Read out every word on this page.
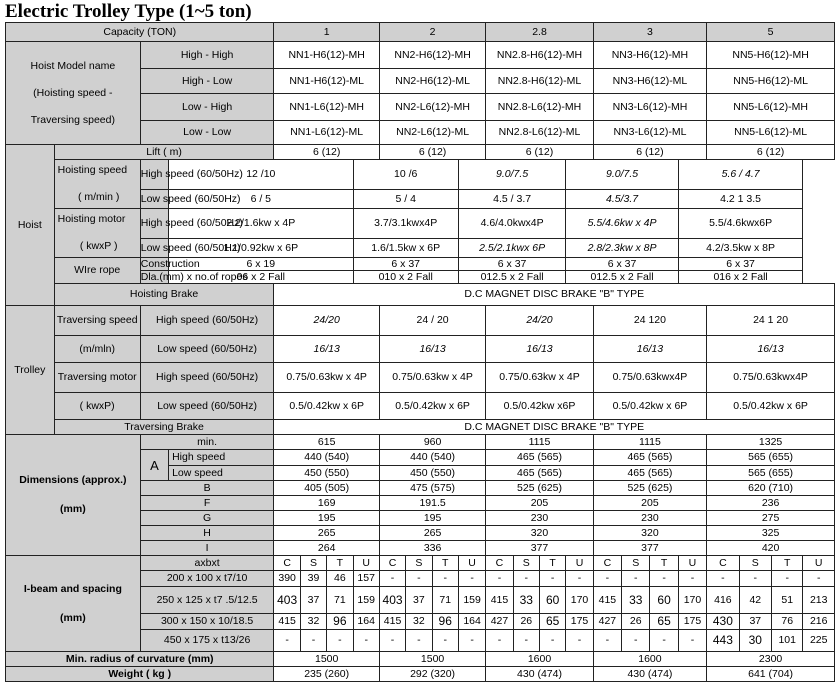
Electric Trolley Type (1~5 ton)
Capacity (TON)				1				2				2.8				3				5			

Hoist Model name
(Hoisting speed -
Traversing speed)		High - High		NN1-H6(12)-MH				NN2-H6(12)-MH				NN2.8-H6(12)-MH				NN3-H6(12)-MH				NN5-H6(12)-MH			
		High - Low		NN1-H6(12)-ML				NN2-H6(12)-ML				NN2.8-H6(12)-ML				NN3-H6(12)-ML				NN5-H6(12)-ML			
		Low - High		NN1-L6(12)-MH				NN2-L6(12)-MH				NN2.8-L6(12)-MH				NN3-L6(12)-MH				NN5-L6(12)-MH			
		Low - Low		NN1-L6(12)-ML				NN2-L6(12)-ML				NN2.8-L6(12)-ML				NN3-L6(12)-ML				NN5-L6(12)-ML			
Hoist	Lift ( m)			6 (12)				6 (12)				6 (12)				6 (12)				6 (12)			

	Hoisting speed
( m/min )	High speed (60/50Hz)	12 /10				10 /6				9.0/7.5				9.0/7.5				5.6 / 4.7				
		Low speed (60/50Hz)	6 / 5				5 / 4				4.5 / 3.7				4.5/3.7				4.2 1 3.5				

	Hoisting motor
( kwxP )	High speed (60/50Hz)	2.2/1.6kw x 4P				3.7/3.1kwx4P				4.6/4.0kwx4P				5.5/4.6kw x 4P				5.5/4.6kwx6P				
		Low speed (60/50Hz)	1.1/0.92kw x 6P				1.6/1.5kw x 6P				2.5/2.1kwx 6P				2.8/2.3kw x 8P				4.2/3.5kw x 8P				
	WIre rope	Construction	6 x 19				6 x 37				6 x 37				6 x 37				6 x 37				
		Dla.(mm) x no.of ropes	06 x 2 Fall				010 x 2 Fall				012.5 x 2 Fall				012.5 x 2 Fall				016 x 2 Fall				
	Hoisting Brake			D.C MAGNET DISC BRAKE "B" TYPE																			
Trolley	Traversing speed	High speed (60/50Hz)		24/20				24 / 20				24/20				24 120				24 1 20			
	(m/mln)	Low speed (60/50Hz)		16/13				16/13				16/13				16/13				16/13			
	Traversing motor	High speed (60/50Hz)		0.75/0.63kw x 4P				0.75/0.63kw x 4P				0.75/0.63kw x 4P				0.75/0.63kwx4P				0.75/0.63kwx4P			
	( kwxP)	Low speed (60/50Hz)		0.5/0.42kw x 6P				0.5/0.42kw x 6P				0.5/0.42kw x6P				0.5/0.42kw x 6P				0.5/0.42kw x 6P			
	Traversing Brake			D.C MAGNET DISC BRAKE "B" TYPE																			

Dimensions (approx.)
(mm)		min.		615				960				1115				1115				1325			
		A	High speed	440 (540)				440 (540)				465 (565)				465 (565)				565 (655)			
			Low speed	450 (550)				450 (550)				465 (565)				465 (565)				565 (655)			
		B		405 (505)				475 (575)				525 (625)				525 (625)				620 (710)			
		F		169				191.5				205				205				236			
		G		195				195				230				230				275			
		H		265				265				320				320				325			
		I		264				336				377				377				420			

I-beam and spacing
(mm)		axbxt		C	S	T	U	C	S	T	U	C	S	T	U	C	S	T	U	C	S	T	U
		200 x 100 x t7/10		390	39	46	157	-	-	-	-	-	-	-	-	-	-	-	-	-	-	-	-
		250 x 125 x t7 .5/12.5		403	37	71	159	403	37	71	159	415	33	60	170	415	33	60	170	416	42	51	213
		300 x 150 x 10/18.5		415	32	96	164	415	32	96	164	427	26	65	175	427	26	65	175	430	37	76	216
		450 x 175 x t13/26		-	-	-	-	-	-	-	-	-	-	-	-	-	-	-	-	443	30	101	225
Min. radius of curvature (mm)				1500				1500				1600				1600				2300			
Weight ( kg )				235 (260)				292 (320)				430 (474)				430 (474)				641 (704)			
